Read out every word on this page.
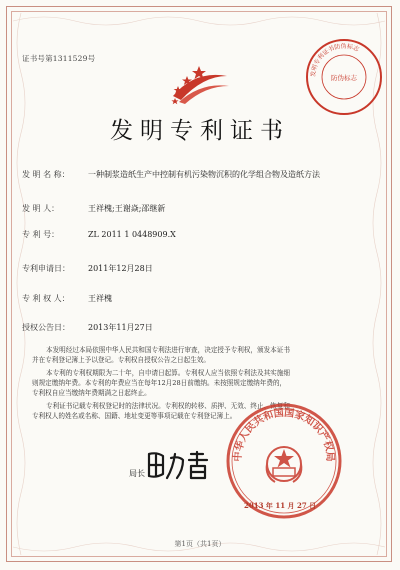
证书号第1311529号
发明专利证书防伪标志
防伪标志
发明专利证书
发 明 名 称： 一种制浆造纸生产中控制有机污染物沉积的化学组合物及造纸方法
发 明 人：	王祥槐;王谢焱;邵继新
专 利 号：	ZL 2011 1 0448909.X
专利申请日： 2011年12月28日
专 利 权 人： 王祥槐
授权公告日： 2013年11月27日
本发明经过本局依照中华人民共和国专利法进行审查，决定授予专利权，颁发本证书
并在专利登记簿上予以登记。专利权自授权公告之日起生效。
本专利的专利权期限为二十年，自申请日起算。专利权人应当依照专利法及其实施细
则规定缴纳年费。本专利的年费应当在每年12月28日前缴纳。未按照规定缴纳年费的，
专利权自应当缴纳年费期满之日起终止。
专利证书记载专利权登记时的法律状况。专利权的转移、质押、无效、终止、恢复和
专利权人的姓名或名称、国籍、地址变更等事项记载在专利登记簿上。
局长
中华人民共和国国家知识产权局
2013 年 11 月 27 日
第1页（共1页）
